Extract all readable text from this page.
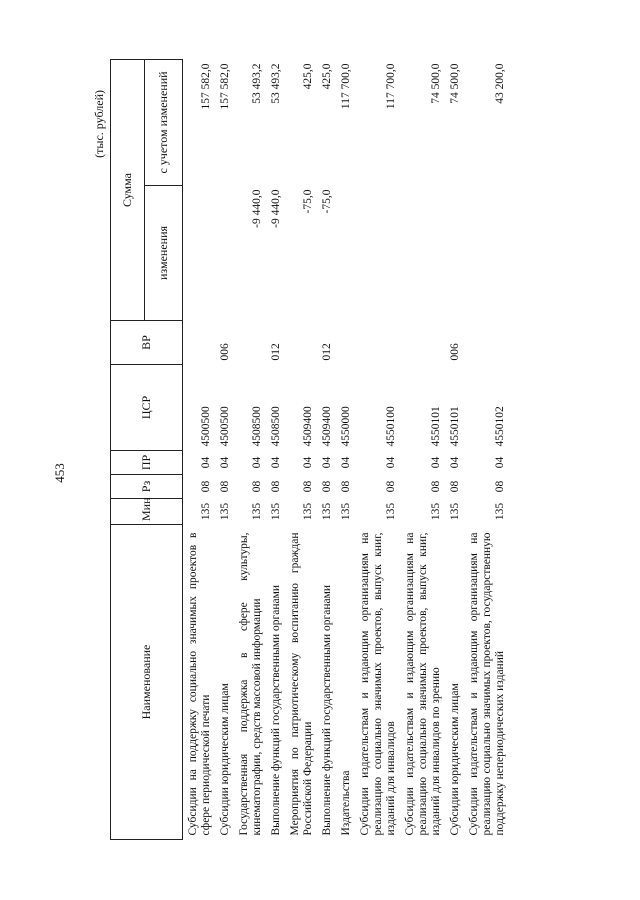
453
(тыс. рублей)
Наименование	Мин	Рз	ПР	ЦСР	ВР	Сумма	
						изменения	с учетом изменений
Субсидии на поддержку социально значимых проектов в сфере периодической печати	135	08	04	4500500			157 582,0
Субсидии юридическим лицам	135	08	04	4500500	006		157 582,0
Государственная поддержка в сфере культуры, кинематографии, средств массовой информации	135	08	04	4508500		-9 440,0	53 493,2
Выполнение функций государственными органами	135	08	04	4508500	012	-9 440,0	53 493,2
Мероприятия по патриотическому воспитанию граждан Российской Федерации	135	08	04	4509400		-75,0	425,0
Выполнение функций государственными органами	135	08	04	4509400	012	-75,0	425,0
Издательства	135	08	04	4550000			117 700,0
Субсидии издательствам и издающим организациям на реализацию социально значимых проектов, выпуск книг, изданий для инвалидов	135	08	04	4550100			117 700,0
Субсидии издательствам и издающим организациям на реализацию социально значимых проектов, выпуск книг, изданий для инвалидов по зрению	135	08	04	4550101			74 500,0
Субсидии юридическим лицам	135	08	04	4550101	006		74 500,0
Субсидии издательствам и издающим организациям на реализацию социально значимых проектов, государственную поддержку непериодических изданий	135	08	04	4550102			43 200,0
